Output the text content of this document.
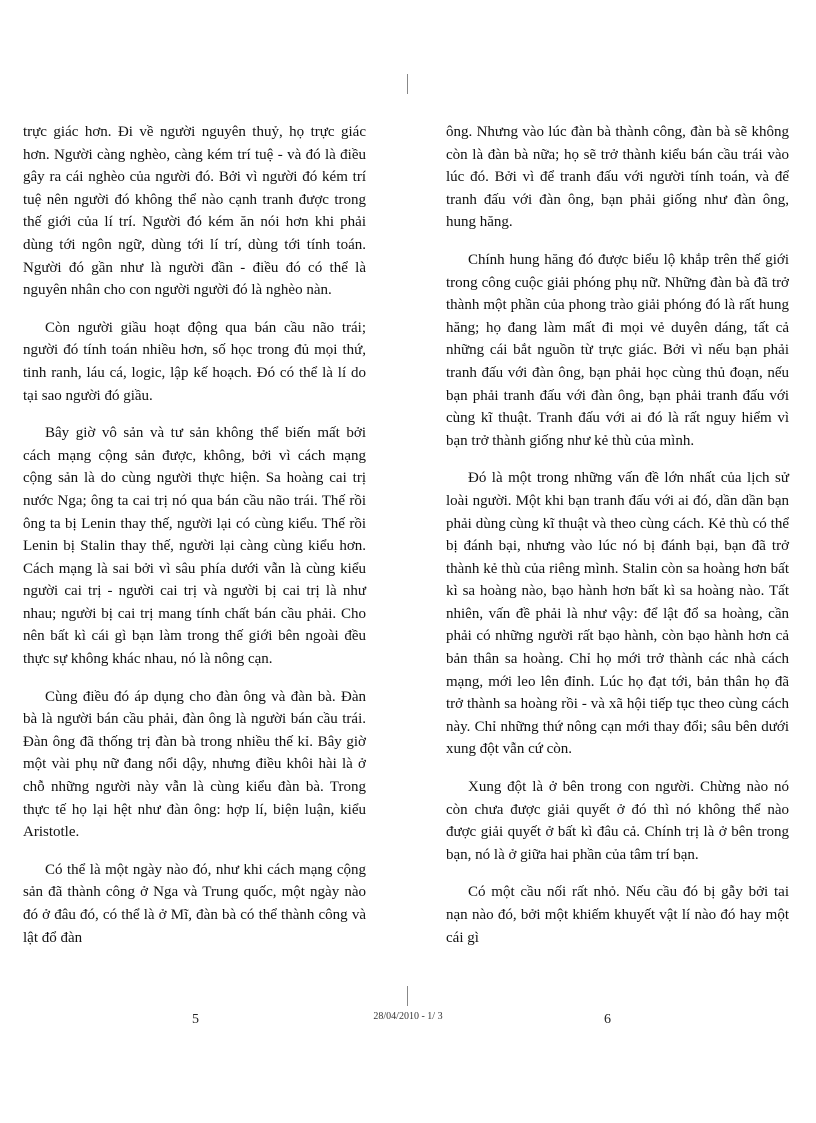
trực giác hơn. Đi về người nguyên thuỷ, họ trực giác hơn. Người càng nghèo, càng kém trí tuệ - và đó là điều gây ra cái nghèo của người đó. Bởi vì người đó kém trí tuệ nên người đó không thể nào cạnh tranh được trong thế giới của lí trí. Người đó kém ăn nói hơn khi phải dùng tới ngôn ngữ, dùng tới lí trí, dùng tới tính toán. Người đó gần như là người đần - điều đó có thể là nguyên nhân cho con người người đó là nghèo nàn.

Còn người giầu hoạt động qua bán cầu não trái; người đó tính toán nhiều hơn, số học trong đủ mọi thứ, tinh ranh, láu cá, logic, lập kế hoạch. Đó có thể là lí do tại sao người đó giầu.

Bây giờ vô sản và tư sản không thể biến mất bởi cách mạng cộng sản được, không, bởi vì cách mạng cộng sản là do cùng người thực hiện. Sa hoàng cai trị nước Nga; ông ta cai trị nó qua bán cầu não trái. Thế rồi ông ta bị Lenin thay thế, người lại có cùng kiểu. Thế rồi Lenin bị Stalin thay thế, người lại càng cùng kiểu hơn. Cách mạng là sai bởi vì sâu phía dưới vẫn là cùng kiểu người cai trị - người cai trị và người bị cai trị là như nhau; người bị cai trị mang tính chất bán cầu phải. Cho nên bất kì cái gì bạn làm trong thế giới bên ngoài đều thực sự không khác nhau, nó là nông cạn.

Cùng điều đó áp dụng cho đàn ông và đàn bà. Đàn bà là người bán cầu phải, đàn ông là người bán cầu trái. Đàn ông đã thống trị đàn bà trong nhiều thế kỉ. Bây giờ một vài phụ nữ đang nổi dậy, nhưng điều khôi hài là ở chỗ những người này vẫn là cùng kiểu đàn bà. Trong thực tế họ lại hệt như đàn ông: hợp lí, biện luận, kiểu Aristotle.

Có thể là một ngày nào đó, như khi cách mạng cộng sản đã thành công ở Nga và Trung quốc, một ngày nào đó ở đâu đó, có thể là ở Mĩ, đàn bà có thể thành công và lật đổ đàn

ông. Nhưng vào lúc đàn bà thành công, đàn bà sẽ không còn là đàn bà nữa; họ sẽ trở thành kiểu bán cầu trái vào lúc đó. Bởi vì để tranh đấu với người tính toán, và để tranh đấu với đàn ông, bạn phải giống như đàn ông, hung hăng.

Chính hung hăng đó được biểu lộ khắp trên thế giới trong công cuộc giải phóng phụ nữ. Những đàn bà đã trở thành một phần của phong trào giải phóng đó là rất hung hăng; họ đang làm mất đi mọi vẻ duyên dáng, tất cả những cái bắt nguồn từ trực giác. Bởi vì nếu bạn phải tranh đấu với đàn ông, bạn phải học cùng thủ đoạn, nếu bạn phải tranh đấu với đàn ông, bạn phải tranh đấu với cùng kĩ thuật. Tranh đấu với ai đó là rất nguy hiểm vì bạn trở thành giống như kẻ thù của mình.

Đó là một trong những vấn đề lớn nhất của lịch sử loài người. Một khi bạn tranh đấu với ai đó, dần dần bạn phải dùng cùng kĩ thuật và theo cùng cách. Kẻ thù có thể bị đánh bại, nhưng vào lúc nó bị đánh bại, bạn đã trở thành kẻ thù của riêng mình. Stalin còn sa hoàng hơn bất kì sa hoàng nào, bạo hành hơn bất kì sa hoàng nào. Tất nhiên, vấn đề phải là như vậy: để lật đổ sa hoàng, cần phải có những người rất bạo hành, còn bạo hành hơn cả bản thân sa hoàng. Chỉ họ mới trở thành các nhà cách mạng, mới leo lên đỉnh. Lúc họ đạt tới, bản thân họ đã trở thành sa hoàng rồi - và xã hội tiếp tục theo cùng cách này. Chỉ những thứ nông cạn mới thay đổi; sâu bên dưới xung đột vẫn cứ còn.

Xung đột là ở bên trong con người. Chừng nào nó còn chưa được giải quyết ở đó thì nó không thể nào được giải quyết ở bất kì đâu cả. Chính trị là ở bên trong bạn, nó là ở giữa hai phần của tâm trí bạn.

Có một cầu nối rất nhỏ. Nếu cầu đó bị gẫy bởi tai nạn nào đó, bởi một khiếm khuyết vật lí nào đó hay một cái gì

5	28/04/2010 - 1/ 3	6
